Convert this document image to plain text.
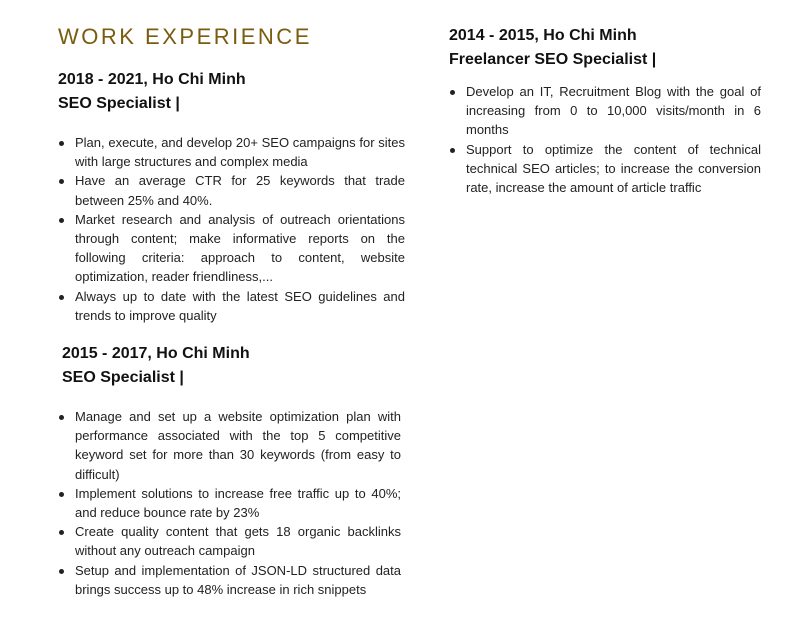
WORK EXPERIENCE

2018 - 2021, Ho Chi Minh

SEO Specialist |

Plan, execute, and develop 20+ SEO campaigns for sites with large structures and complex media
Have an average CTR for 25 keywords that trade between 25% and 40%.
Market research and analysis of outreach orientations through content; make informative reports on the following criteria: approach to content, website optimization, reader friendliness,...
Always up to date with the latest SEO guidelines and trends to improve quality

2015 - 2017, Ho Chi Minh

SEO Specialist |

Manage and set up a website optimization plan with performance associated with the top 5 competitive keyword set for more than 30 keywords (from easy to difficult)
Implement solutions to increase free traffic up to 40%; and reduce bounce rate by 23%
Create quality content that gets 18 organic backlinks without any outreach campaign
Setup and implementation of JSON-LD structured data brings success up to 48% increase in rich snippets

2014 - 2015, Ho Chi Minh

Freelancer SEO Specialist |

Develop an IT, Recruitment Blog with the goal of increasing from 0 to 10,000 visits/month in 6 months
Support to optimize the content of technical technical SEO articles; to increase the conversion rate, increase the amount of article traffic
